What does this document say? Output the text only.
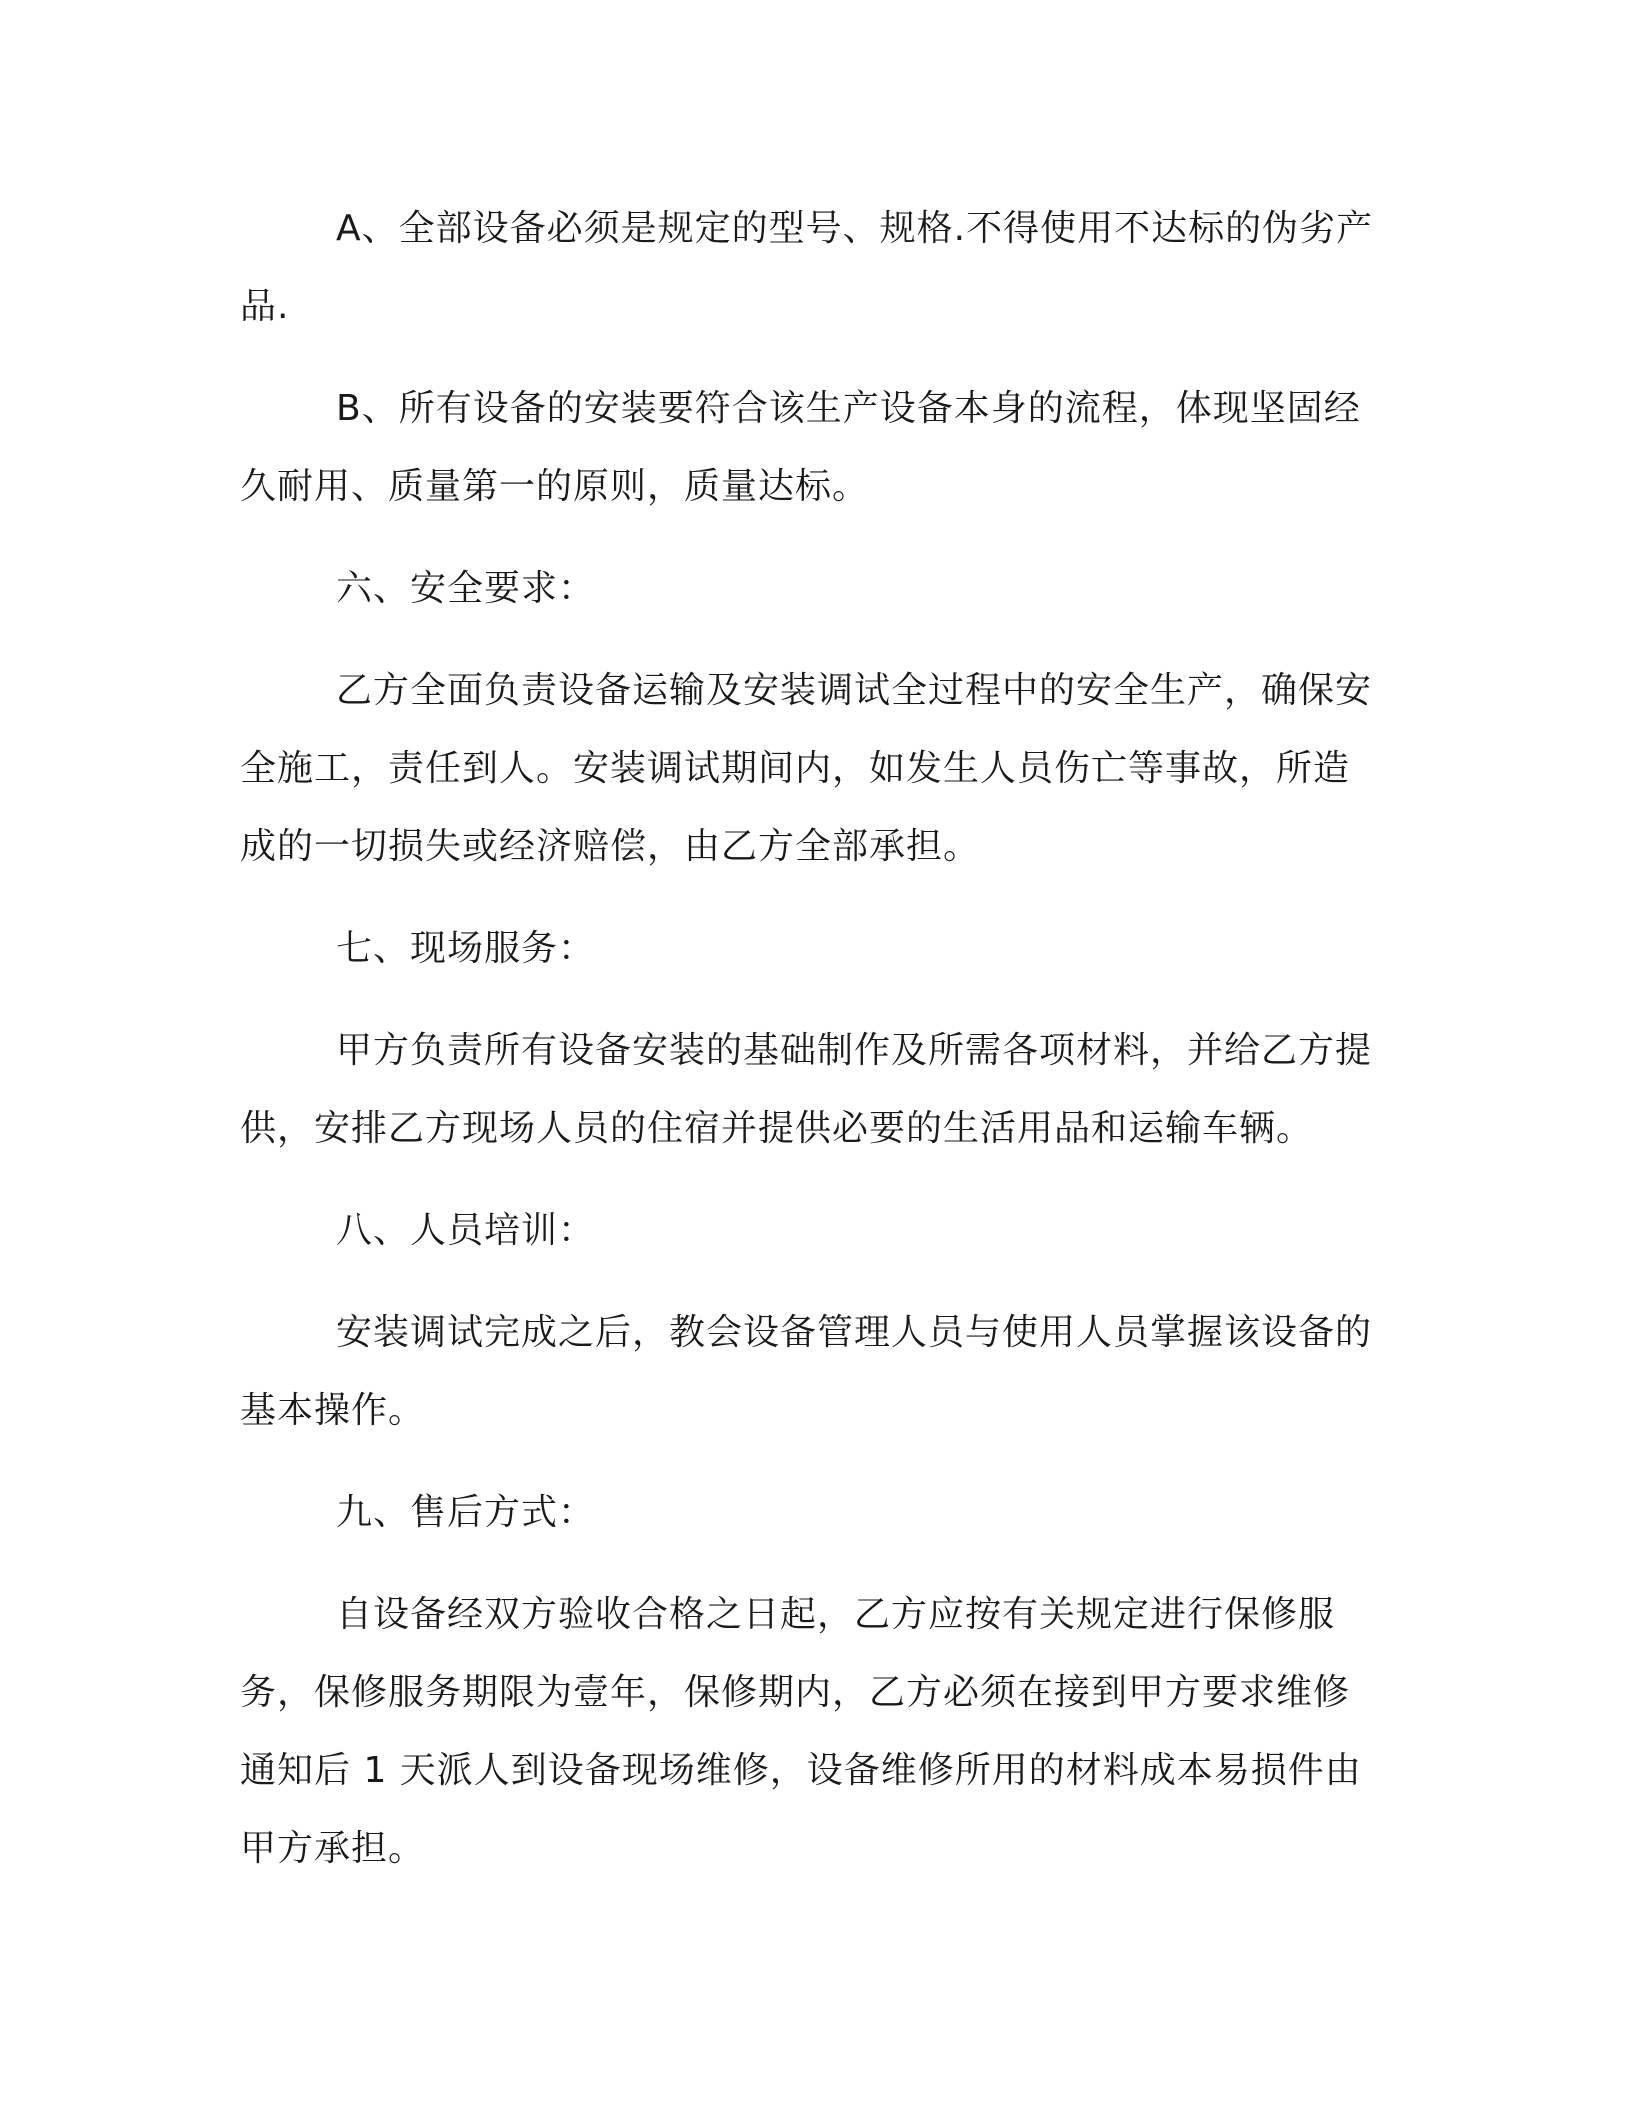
A、全部设备必须是规定的型号、规格.不得使用不达标的伪劣产品.

B、所有设备的安装要符合该生产设备本身的流程，体现坚固经久耐用、质量第一的原则，质量达标。

六、安全要求：

乙方全面负责设备运输及安装调试全过程中的安全生产，确保安全施工，责任到人。安装调试期间内，如发生人员伤亡等事故，所造成的一切损失或经济赔偿，由乙方全部承担。

七、现场服务：

甲方负责所有设备安装的基础制作及所需各项材料，并给乙方提供，安排乙方现场人员的住宿并提供必要的生活用品和运输车辆。

八、人员培训：

安装调试完成之后，教会设备管理人员与使用人员掌握该设备的基本操作。

九、售后方式：

自设备经双方验收合格之日起，乙方应按有关规定进行保修服务，保修服务期限为壹年，保修期内，乙方必须在接到甲方要求维修通知后 1 天派人到设备现场维修，设备维修所用的材料成本易损件由甲方承担。
